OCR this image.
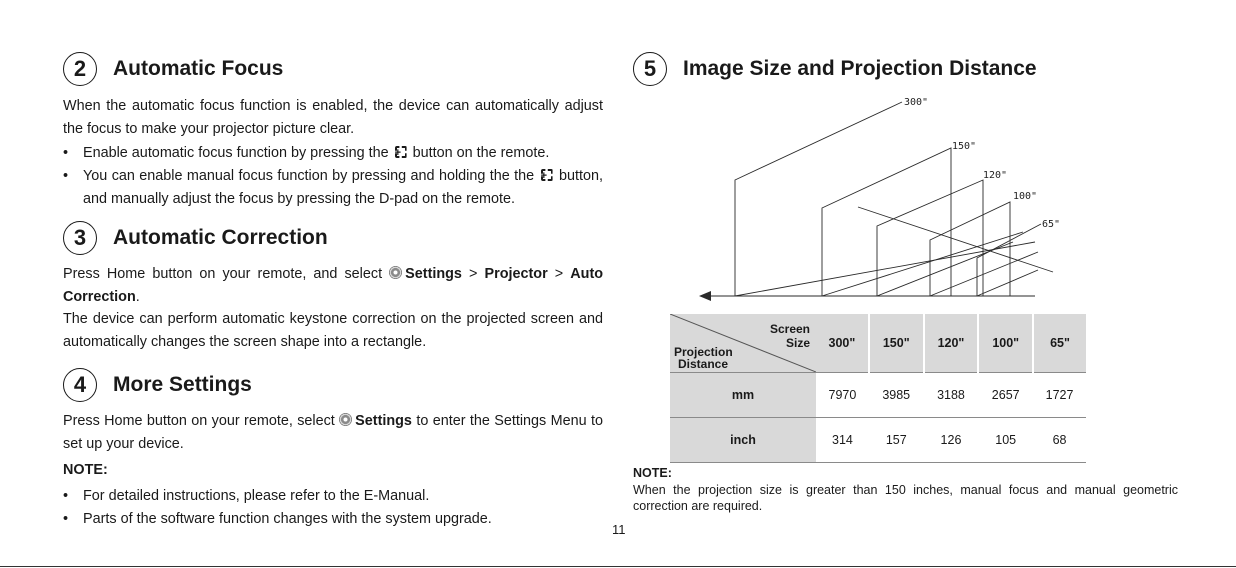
2	Automatic Focus

When the automatic focus function is enabled, the device can automatically adjust the focus to make your projector picture clear.

• Enable automatic focus function by pressing the + button on the remote.
• You can enable manual focus function by pressing and holding the the + button, and manually adjust the focus by pressing the D-pad on the remote.
3	Automatic Correction

Press Home button on your remote, and select Settings > Projector > Auto Correction.

The device can perform automatic keystone correction on the projected screen and automatically changes the screen shape into a rectangle.

4	More Settings

Press Home button on your remote, select Settings to enter the Settings Menu to set up your device.

NOTE:
• For detailed instructions, please refer to the E-Manual.
• Parts of the software function changes with the system upgrade.
5	Image Size and Projection Distance
300"
150"
120"
100"
65"
Screen
Size
Projection
Distance	300"	150"	120"	100"	65"
mm	7970	3985	3188	2657	1727
inch	314	157	126	105	68
NOTE:

When the projection size is greater than 150 inches, manual focus and manual geometric correction are required.

11
